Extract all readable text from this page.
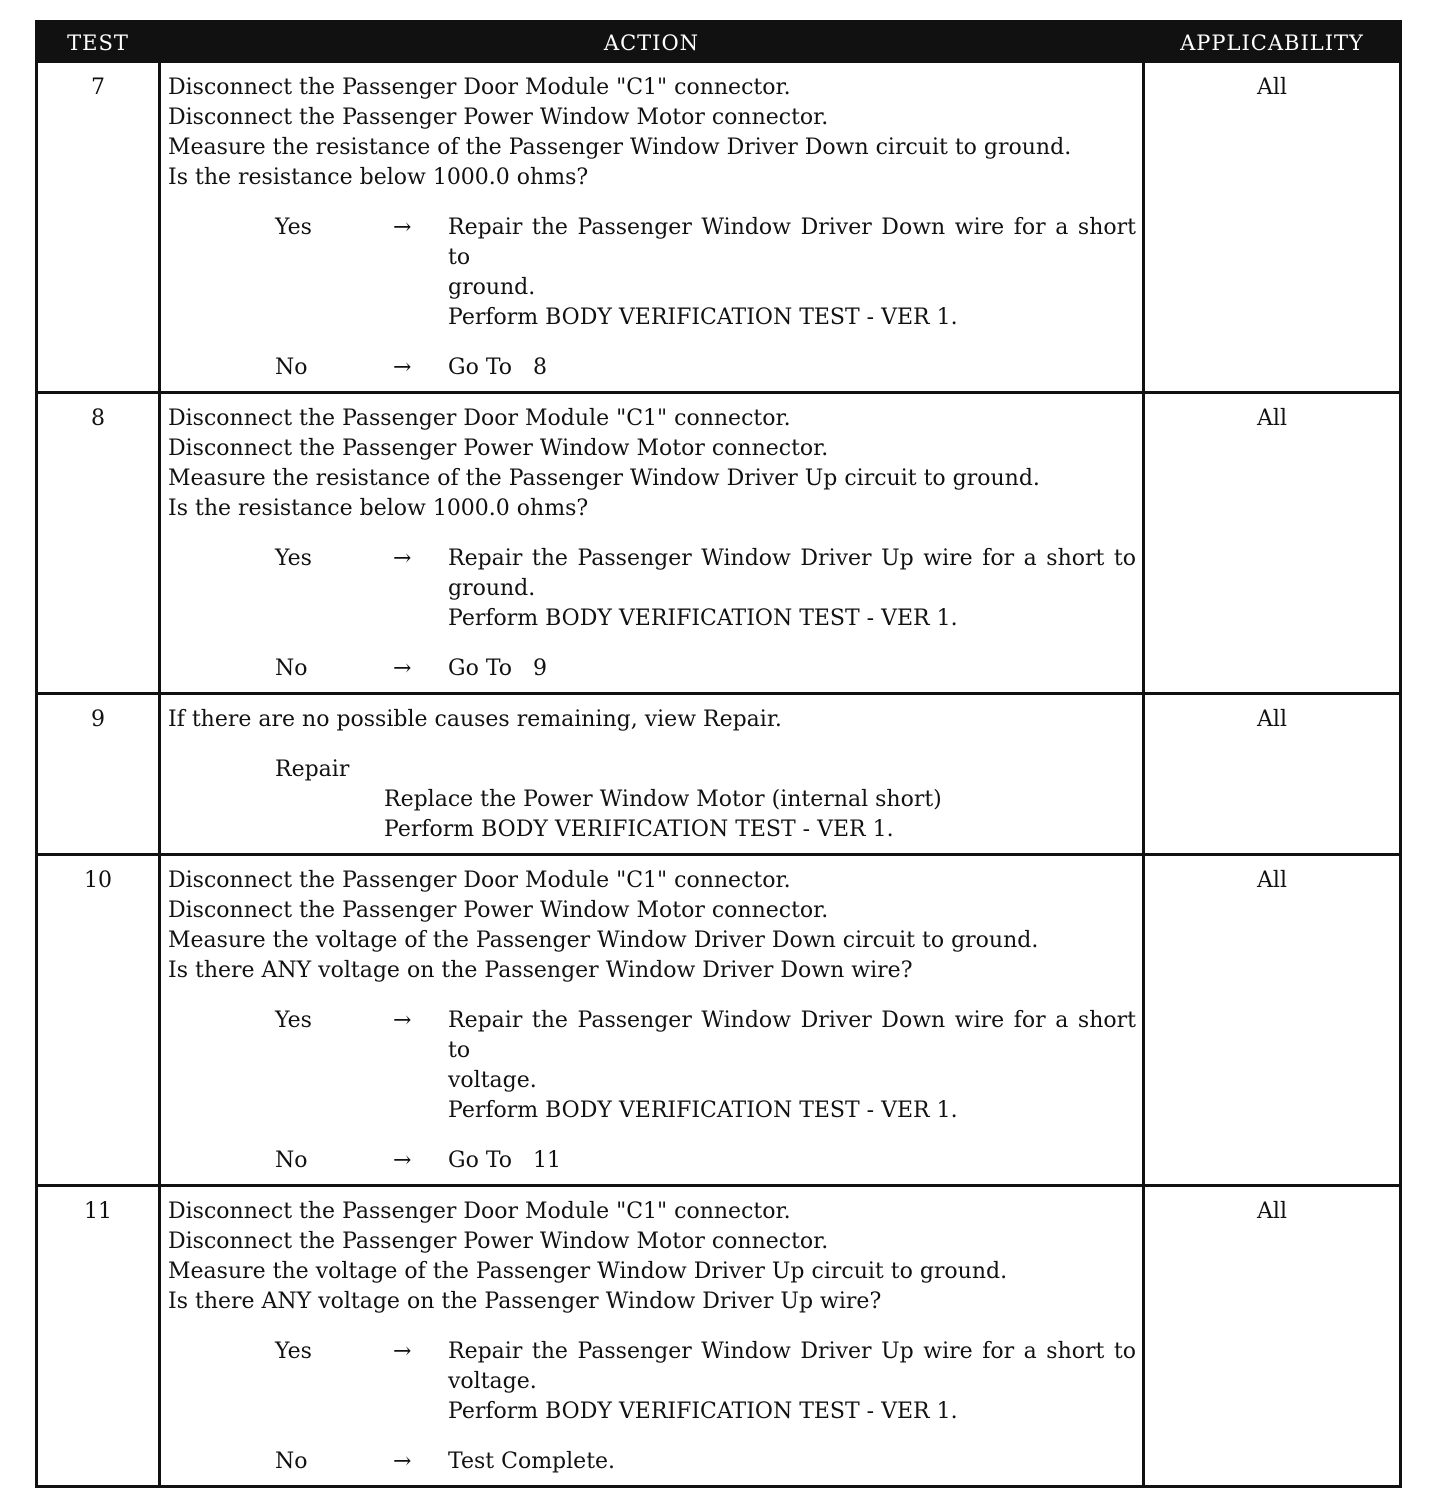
TEST	ACTION	APPLICABILITY
7	Disconnect the Passenger Door Module "C1" connector.
Disconnect the Passenger Power Window Motor connector.
Measure the resistance of the Passenger Window Driver Down circuit to ground.
Is the resistance below 1000.0 ohms?
Yes	→	Repair the Passenger Window Driver Down wire for a short to
ground.
Perform BODY VERIFICATION TEST - VER 1.
No	→	Go To   8
All
8	Disconnect the Passenger Door Module "C1" connector.
Disconnect the Passenger Power Window Motor connector.
Measure the resistance of the Passenger Window Driver Up circuit to ground.
Is the resistance below 1000.0 ohms?
Yes	→	Repair the Passenger Window Driver Up wire for a short to
ground.
Perform BODY VERIFICATION TEST - VER 1.
No	→	Go To   9
All
9	If there are no possible causes remaining, view Repair.
Repair
Replace the Power Window Motor (internal short)
Perform BODY VERIFICATION TEST - VER 1.
All
10	Disconnect the Passenger Door Module "C1" connector.
Disconnect the Passenger Power Window Motor connector.
Measure the voltage of the Passenger Window Driver Down circuit to ground.
Is there ANY voltage on the Passenger Window Driver Down wire?
Yes	→	Repair the Passenger Window Driver Down wire for a short to
voltage.
Perform BODY VERIFICATION TEST - VER 1.
No	→	Go To   11
All
11	Disconnect the Passenger Door Module "C1" connector.
Disconnect the Passenger Power Window Motor connector.
Measure the voltage of the Passenger Window Driver Up circuit to ground.
Is there ANY voltage on the Passenger Window Driver Up wire?
Yes	→	Repair the Passenger Window Driver Up wire for a short to
voltage.
Perform BODY VERIFICATION TEST - VER 1.
No	→	Test Complete.
All
